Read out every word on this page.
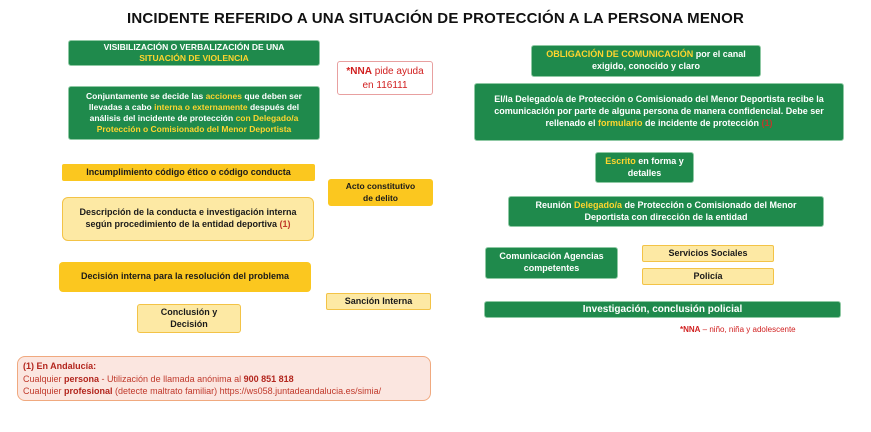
INCIDENTE REFERIDO A UNA SITUACIÓN DE PROTECCIÓN A LA PERSONA MENOR
VISIBILIZACIÓN O VERBALIZACIÓN DE UNA
SITUACIÓN DE VIOLENCIA
Conjuntamente se decide las acciones que deben ser llevadas a cabo interna o externamente después del análisis del incidente de protección con Delegado/a Protección o Comisionado del Menor Deportista
Incumplimiento código ético o código conducta
Descripción de la conducta e investigación interna según procedimiento de la entidad deportiva (1)
Decisión interna para la resolución del problema
Conclusión y Decisión
*NNA pide ayuda
en 116111
Acto constitutivo de delito
Sanción Interna
OBLIGACIÓN DE COMUNICACIÓN por el canal exigido, conocido y claro
El/la Delegado/a de Protección o Comisionado del Menor Deportista recibe la comunicación por parte de alguna persona de manera confidencial. Debe ser rellenado el formulario de incidente de protección (1)
Escrito en forma y detalles
Reunión Delegado/a de Protección o Comisionado del Menor Deportista con dirección de la entidad
Comunicación Agencias competentes
Servicios Sociales
Policía
Investigación, conclusión policial
*NNA – niño, niña y adolescente
(1) En Andalucía:
Cualquier persona - Utilización de llamada anónima al 900 851 818
Cualquier profesional (detecte maltrato familiar) https://ws058.juntadeandalucia.es/simia/
